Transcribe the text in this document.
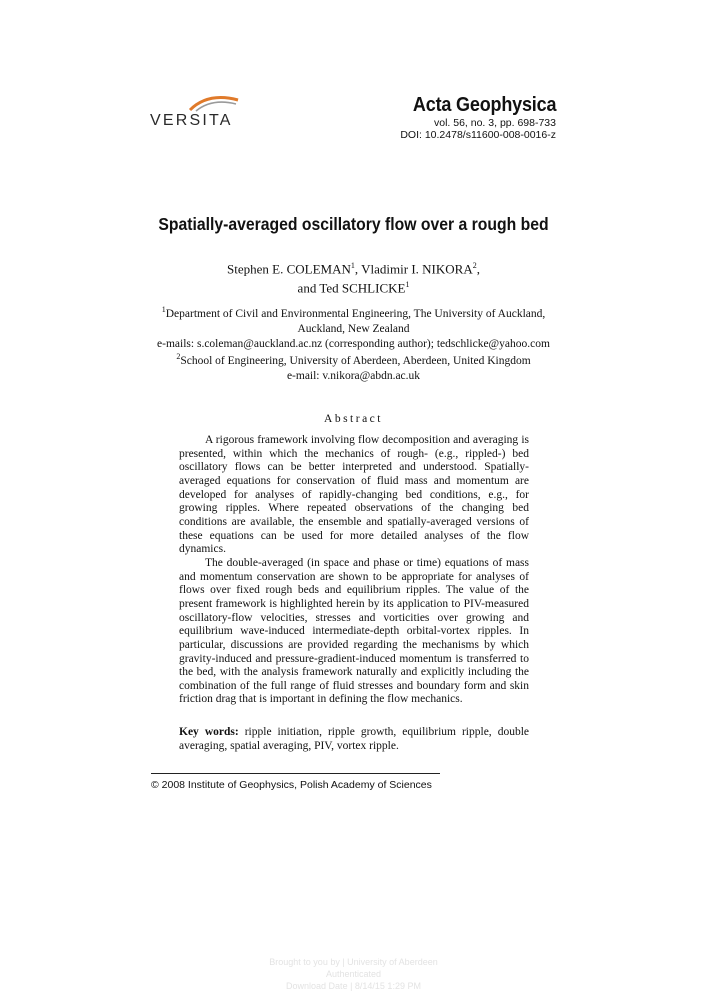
VERSITA
Acta Geophysica
vol. 56, no. 3, pp. 698-733
DOI: 10.2478/s11600-008-0016-z
Spatially-averaged oscillatory flow over a rough bed
Stephen E. COLEMAN$^1$, Vladimir I. NIKORA$^2$,
and Ted SCHLICKE$^1$
$^1$Department of Civil and Environmental Engineering, The University of Auckland,
Auckland, New Zealand
e-mails: s.coleman@auckland.ac.nz (corresponding author); tedschlicke@yahoo.com
$^2$School of Engineering, University of Aberdeen, Aberdeen, United Kingdom
e-mail: v.nikora@abdn.ac.uk
Abstract

A rigorous framework involving flow decomposition and averaging is presented, within which the mechanics of rough- (e.g., rippled-) bed oscillatory flows can be better interpreted and understood. Spatially-averaged equations for conservation of fluid mass and momentum are developed for analyses of rapidly-changing bed conditions, e.g., for growing ripples. Where repeated observations of the changing bed conditions are available, the ensemble and spatially-averaged versions of these equations can be used for more detailed analyses of the flow dynamics.

The double-averaged (in space and phase or time) equations of mass and momentum conservation are shown to be appropriate for analyses of flows over fixed rough beds and equilibrium ripples. The value of the present framework is highlighted herein by its application to PIV-measured oscillatory-flow velocities, stresses and vorticities over growing and equilibrium wave-induced intermediate-depth orbital-vortex ripples. In particular, discussions are provided regarding the mechanisms by which gravity-induced and pressure-gradient-induced momentum is transferred to the bed, with the analysis framework naturally and explicitly including the combination of the full range of fluid stresses and boundary form and skin friction drag that is important in defining the flow mechanics.

Key words: ripple initiation, ripple growth, equilibrium ripple, double averaging, spatial averaging, PIV, vortex ripple.
© 2008 Institute of Geophysics, Polish Academy of Sciences
Brought to you by | University of Aberdeen
Authenticated
Download Date | 8/14/15 1:29 PM
